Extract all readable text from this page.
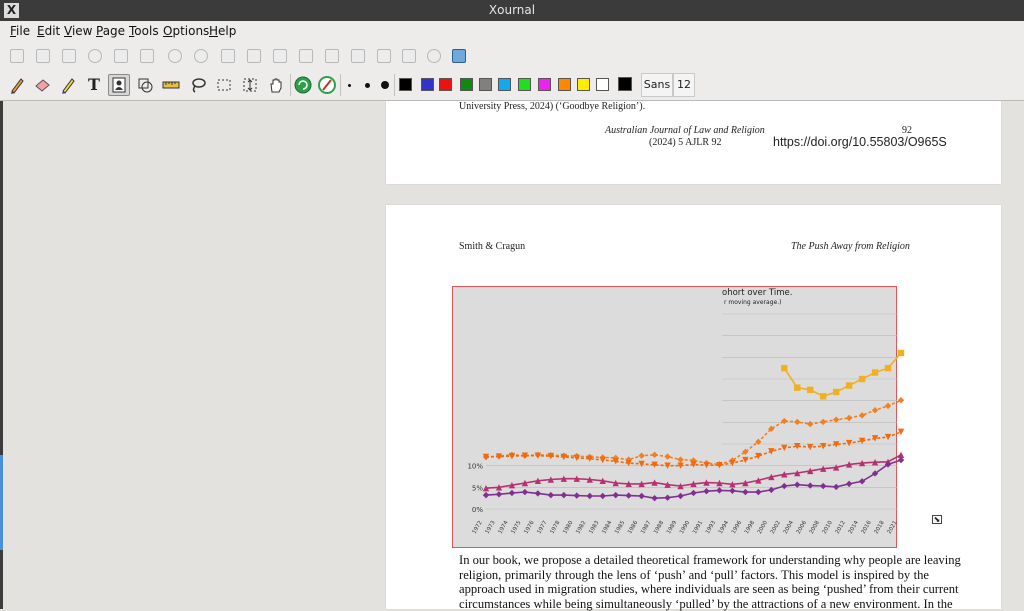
X	Xournal
File Edit View Page Tools Options Help
T	Sans 12
University Press, 2024) (‘Goodbye Religion’).
Australian Journal of Law and Religion	92
(2024) 5 AJLR 92	https://doi.org/10.55803/O965S
Smith & Cragun	The Push Away from Religion
ohort over Time.
r moving average.)
0%
5%
10%
1972 1973 1974 1975 1976 1977 1978 1980 1982 1983 1984 1985 1986 1987 1988 1989 1990 1991 1993 1994 1996 1998 2000 2002 2004 2006 2008 2010 2012 2014 2016 2018 2021
⬊
In our book, we propose a detailed theoretical framework for understanding why people are leaving
religion, primarily through the lens of ‘push’ and ‘pull’ factors. This model is inspired by the
approach used in migration studies, where individuals are seen as being ‘pushed’ from their current
circumstances while being simultaneously ‘pulled’ by the attractions of a new environment. In the
